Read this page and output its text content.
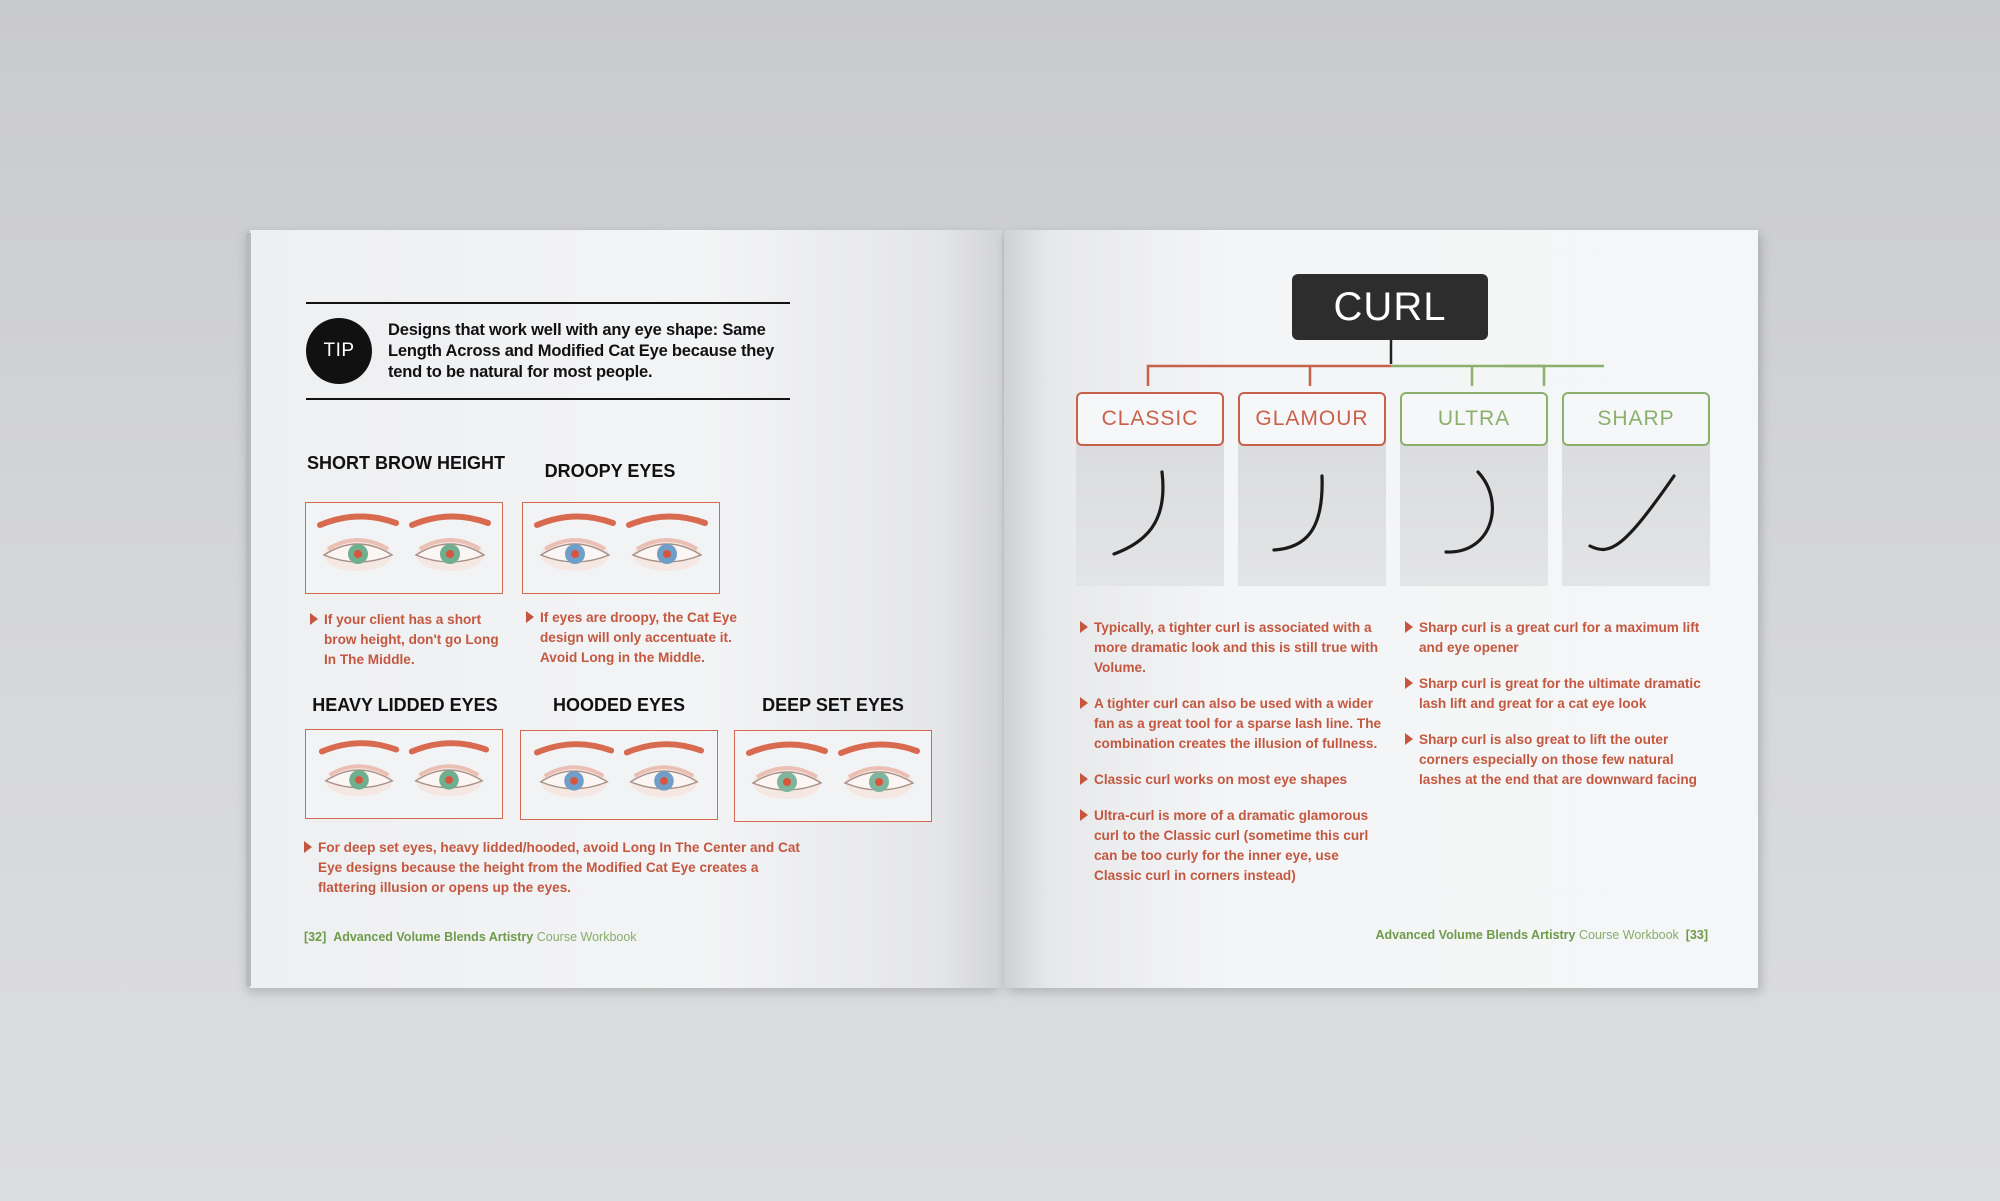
TIP
Designs that work well with any eye shape: Same Length Across and Modified Cat Eye because they tend to be natural for most people.
SHORT BROW HEIGHT	DROOPY EYES
If your client has a short brow height, don't go Long In The Middle.
If eyes are droopy, the Cat Eye design will only accentuate it. Avoid Long in the Middle.
HEAVY LIDDED EYES	HOODED EYES	DEEP SET EYES
For deep set eyes, heavy lidded/hooded, avoid Long In The Center and Cat Eye designs because the height from the Modified Cat Eye creates a flattering illusion or opens up the eyes.
[32] Advanced Volume Blends Artistry Course Workbook
CURL
CLASSIC	GLAMOUR	ULTRA	SHARP
Typically, a tighter curl is associated with a more dramatic look and this is still true with Volume.
A tighter curl can also be used with a wider fan as a great tool for a sparse lash line. The combination creates the illusion of fullness.
Classic curl works on most eye shapes
Ultra-curl is more of a dramatic glamorous curl to the Classic curl (sometime this curl can be too curly for the inner eye, use Classic curl in corners instead)
Sharp curl is a great curl for a maximum lift and eye opener
Sharp curl is great for the ultimate dramatic lash lift and great for a cat eye look
Sharp curl is also great to lift the outer corners especially on those few natural lashes at the end that are downward facing
Advanced Volume Blends Artistry Course Workbook [33]
